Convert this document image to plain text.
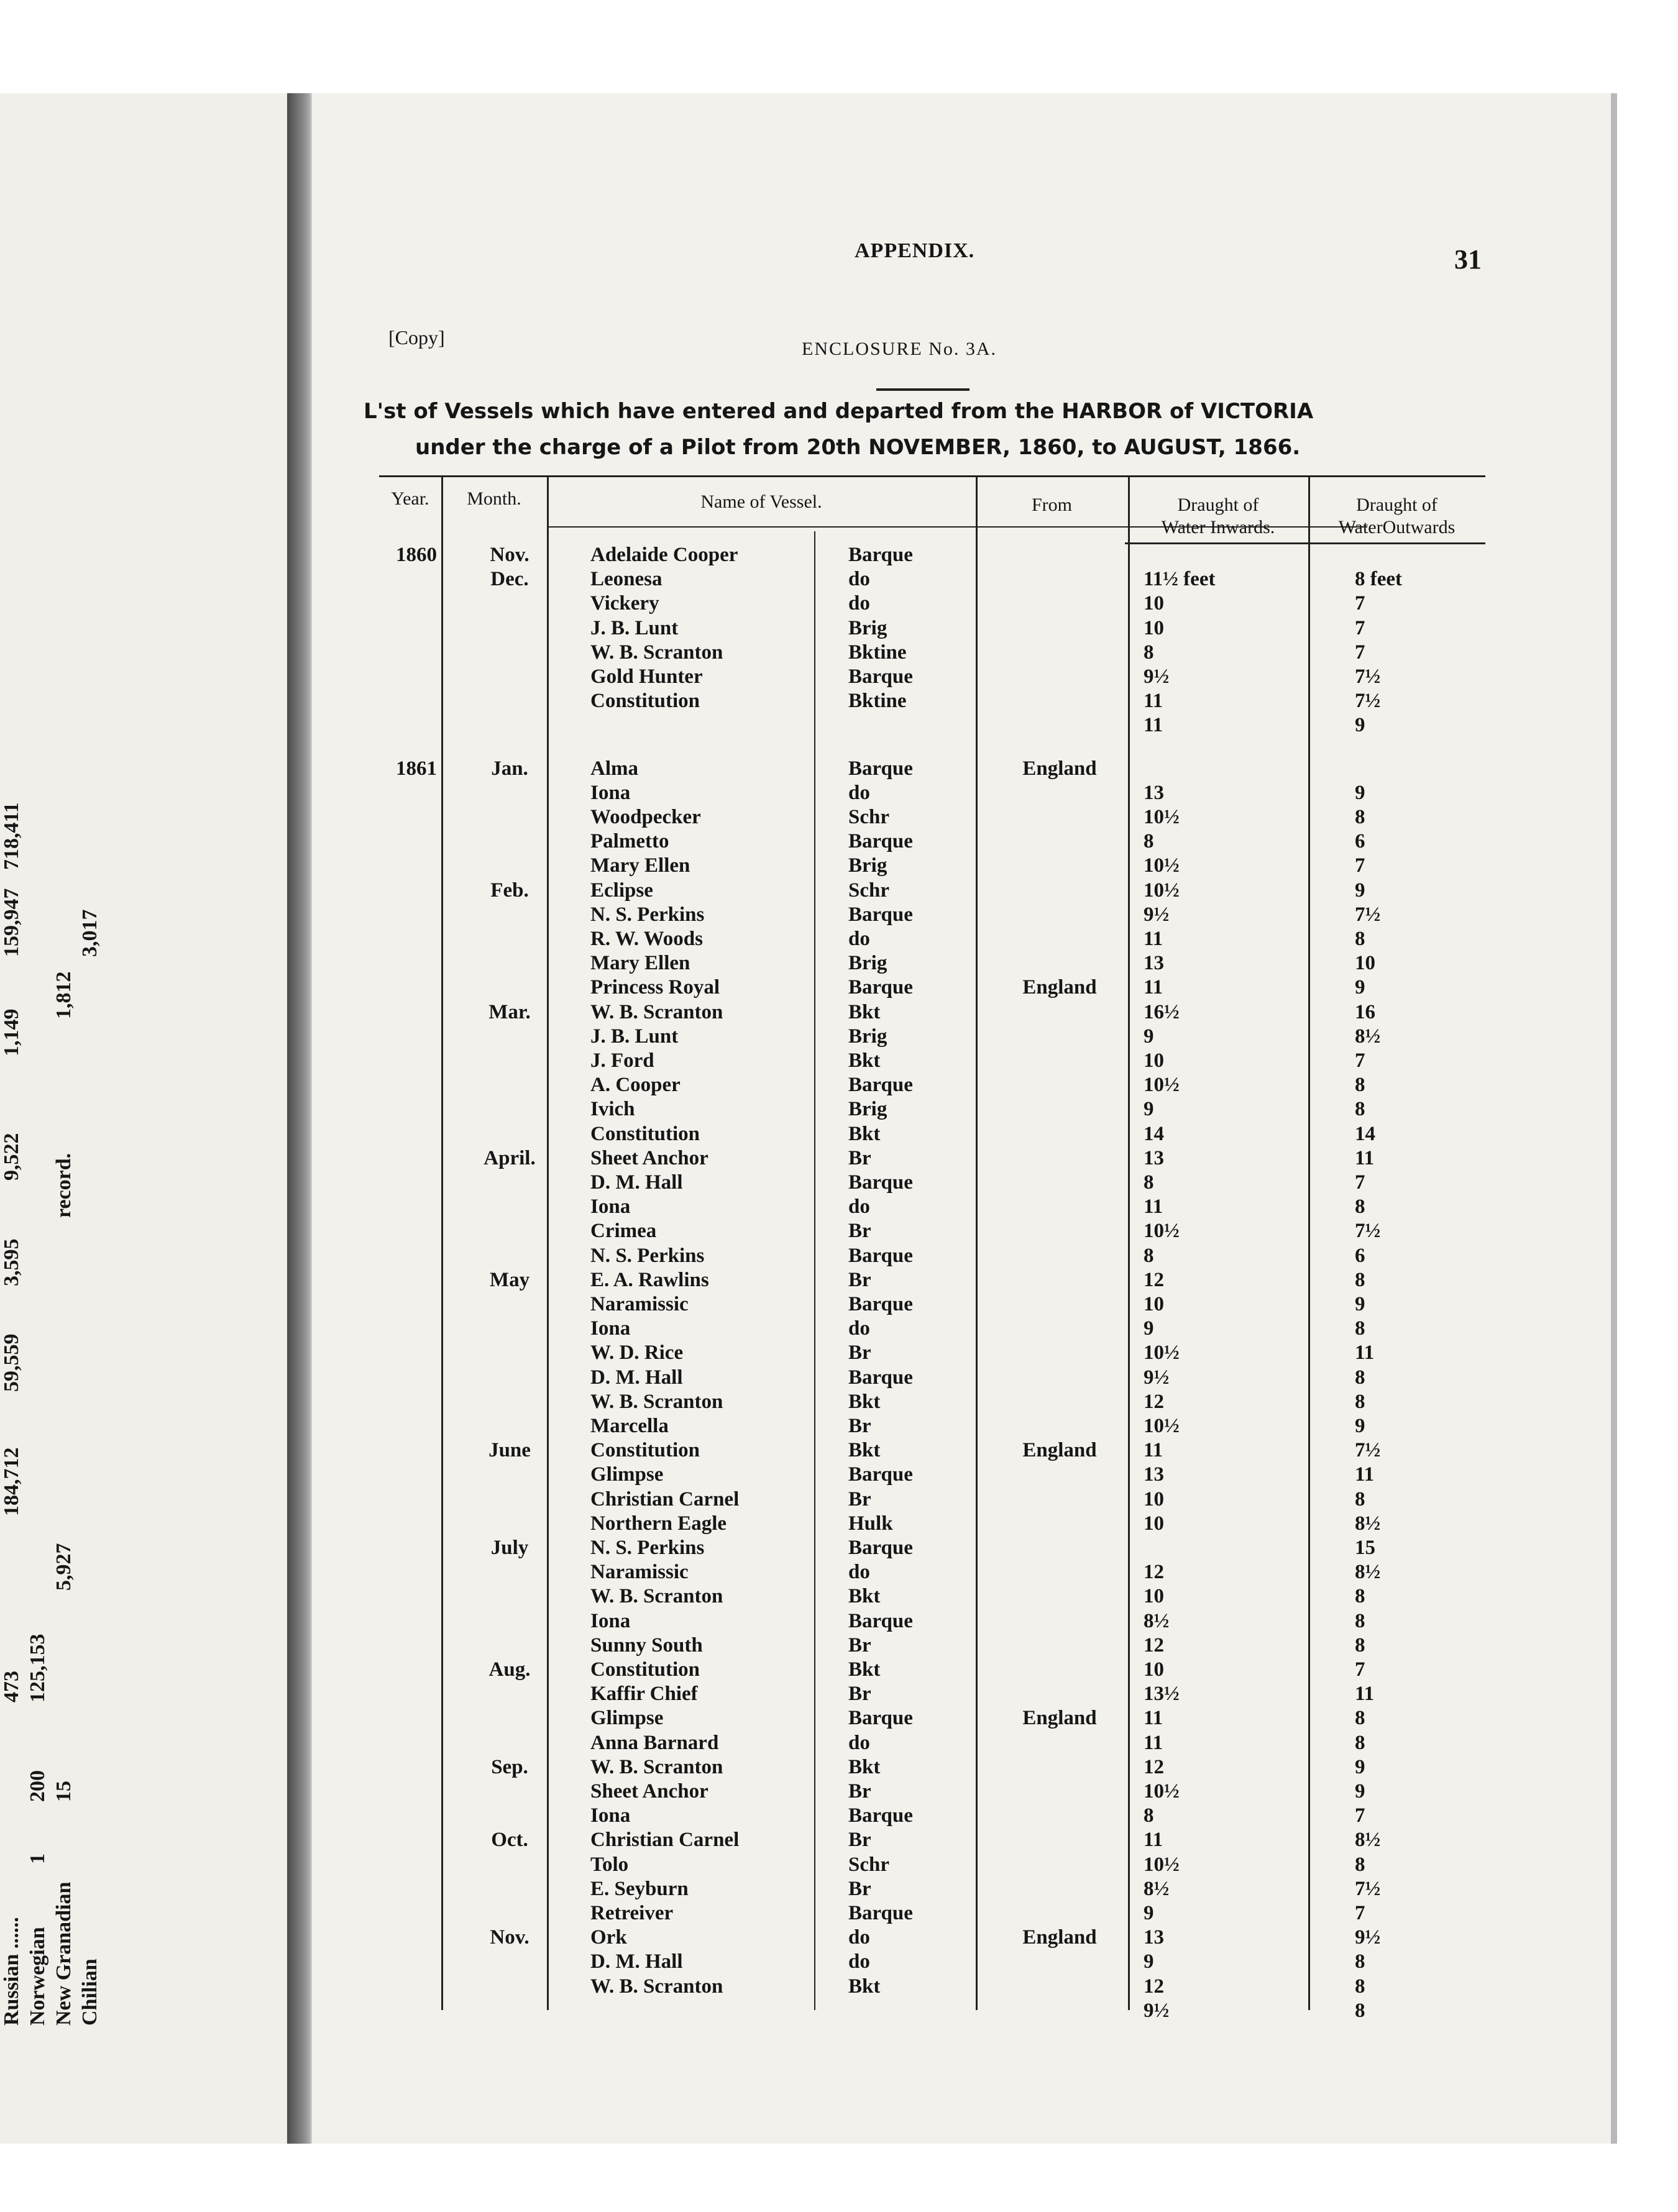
Russian ......
473
Norwegian
1
200
125,153
New Granadian
15
5,927
Chilian
184,712
59,559
3,595
9,522
1,149
159,947	3,017
record.
1,812
718,411
APPENDIX.	31
[Copy]
ENCLOSURE No. 3A.
L'st of Vessels which have entered and departed from the HARBOR of VICTORIA
under the charge of a Pilot from 20th NOVEMBER, 1860, to AUGUST, 1866.
Year.	Month.	Name of Vessel.	From	Draught of
Water Inwards.
Draught of
WaterOutwards
1860	Nov.	Adelaide Cooper	Barque
Dec.	Leonesa	do	11½ feet	8 feet
Vickery	do	10	7
J. B. Lunt	Brig	10	7
W. B. Scranton	Bktine	8	7
Gold Hunter	Barque	9½	7½
Constitution	Bktine	11	7½
11	9
1861	Jan.	Alma	Barque	England
Iona	do	13	9
Woodpecker	Schr	10½	8
Palmetto	Barque	8	6
Mary Ellen	Brig	10½	7
Feb.	Eclipse	Schr	10½	9
N. S. Perkins	Barque	9½	7½
R. W. Woods	do	11	8
Mary Ellen	Brig	13	10
Princess Royal	Barque	England	11	9
Mar.	W. B. Scranton	Bkt	16½	16
J. B. Lunt	Brig	9	8½
J. Ford	Bkt	10	7
A. Cooper	Barque	10½	8
Ivich	Brig	9	8
Constitution	Bkt	14	14
April.	Sheet Anchor	Br	13	11
D. M. Hall	Barque	8	7
Iona	do	11	8
Crimea	Br	10½	7½
N. S. Perkins	Barque	8	6
May	E. A. Rawlins	Br	12	8
Naramissic	Barque	10	9
Iona	do	9	8
W. D. Rice	Br	10½	11
D. M. Hall	Barque	9½	8
W. B. Scranton	Bkt	12	8
Marcella	Br	10½	9
June	Constitution	Bkt	England	11	7½
Glimpse	Barque	13	11
Christian Carnel	Br	10	8
Northern Eagle	Hulk	10	8½
July	N. S. Perkins	Barque	15
Naramissic	do	12	8½
W. B. Scranton	Bkt	10	8
Iona	Barque	8½	8
Sunny South	Br	12	8
Aug.	Constitution	Bkt	10	7
Kaffir Chief	Br	13½	11
Glimpse	Barque	England	11	8
Anna Barnard	do	11	8
Sep.	W. B. Scranton	Bkt	12	9
Sheet Anchor	Br	10½	9
Iona	Barque	8	7
Oct.	Christian Carnel	Br	11	8½
Tolo	Schr	10½	8
E. Seyburn	Br	8½	7½
Retreiver	Barque	9	7
Nov.	Ork	do	England	13	9½
D. M. Hall	do	9	8
W. B. Scranton	Bkt	12	8
9½	8
